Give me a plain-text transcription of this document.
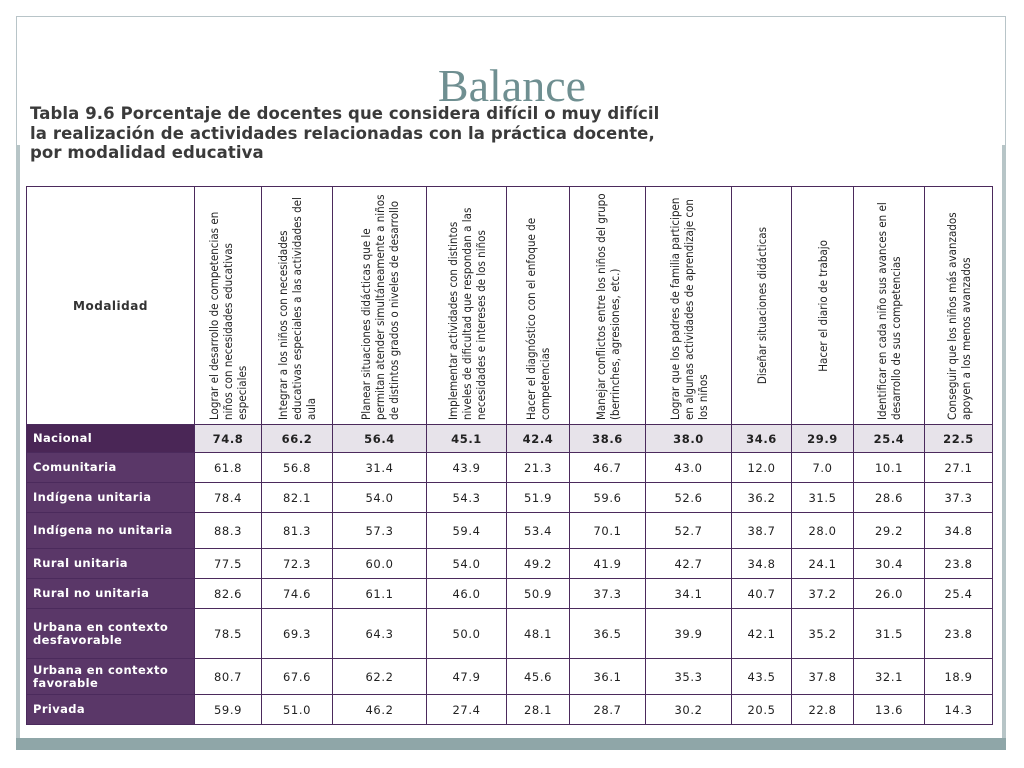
Balance
Tabla 9.6 Porcentaje de docentes que considera difícil o muy difícil
la realización de actividades relacionadas con la práctica docente,
por modalidad educativa
Modalidad	Lograr el desarrollo de competencias en niños con necesidades educativas especiales	Integrar a los niños con necesidades educativas especiales a las actividades del aula	Planear situaciones didácticas que le permitan atender simultáneamente a niños de distintos grados o niveles de desarrollo	Implementar actividades con distintos niveles de dificultad que respondan a las necesidades e intereses de los niños	Hacer el diagnóstico con el enfoque de competencias	Manejar conflictos entre los niños del grupo (berrinches, agresiones, etc.)	Lograr que los padres de familia participen en algunas actividades de aprendizaje con los niños	Diseñar situaciones didácticas	Hacer el diario de trabajo	Identificar en cada niño sus avances en el desarrollo de sus competencias	Conseguir que los niños más avanzados apoyen a los menos avanzados

Nacional	74.8	66.2	56.4	45.1	42.4	38.6	38.0	34.6	29.9	25.4	22.5
Comunitaria	61.8	56.8	31.4	43.9	21.3	46.7	43.0	12.0	7.0	10.1	27.1
Indígena unitaria	78.4	82.1	54.0	54.3	51.9	59.6	52.6	36.2	31.5	28.6	37.3
Indígena no unitaria	88.3	81.3	57.3	59.4	53.4	70.1	52.7	38.7	28.0	29.2	34.8
Rural unitaria	77.5	72.3	60.0	54.0	49.2	41.9	42.7	34.8	24.1	30.4	23.8
Rural no unitaria	82.6	74.6	61.1	46.0	50.9	37.3	34.1	40.7	37.2	26.0	25.4
Urbana en contexto desfavorable	78.5	69.3	64.3	50.0	48.1	36.5	39.9	42.1	35.2	31.5	23.8
Urbana en contexto favorable	80.7	67.6	62.2	47.9	45.6	36.1	35.3	43.5	37.8	32.1	18.9
Privada	59.9	51.0	46.2	27.4	28.1	28.7	30.2	20.5	22.8	13.6	14.3
